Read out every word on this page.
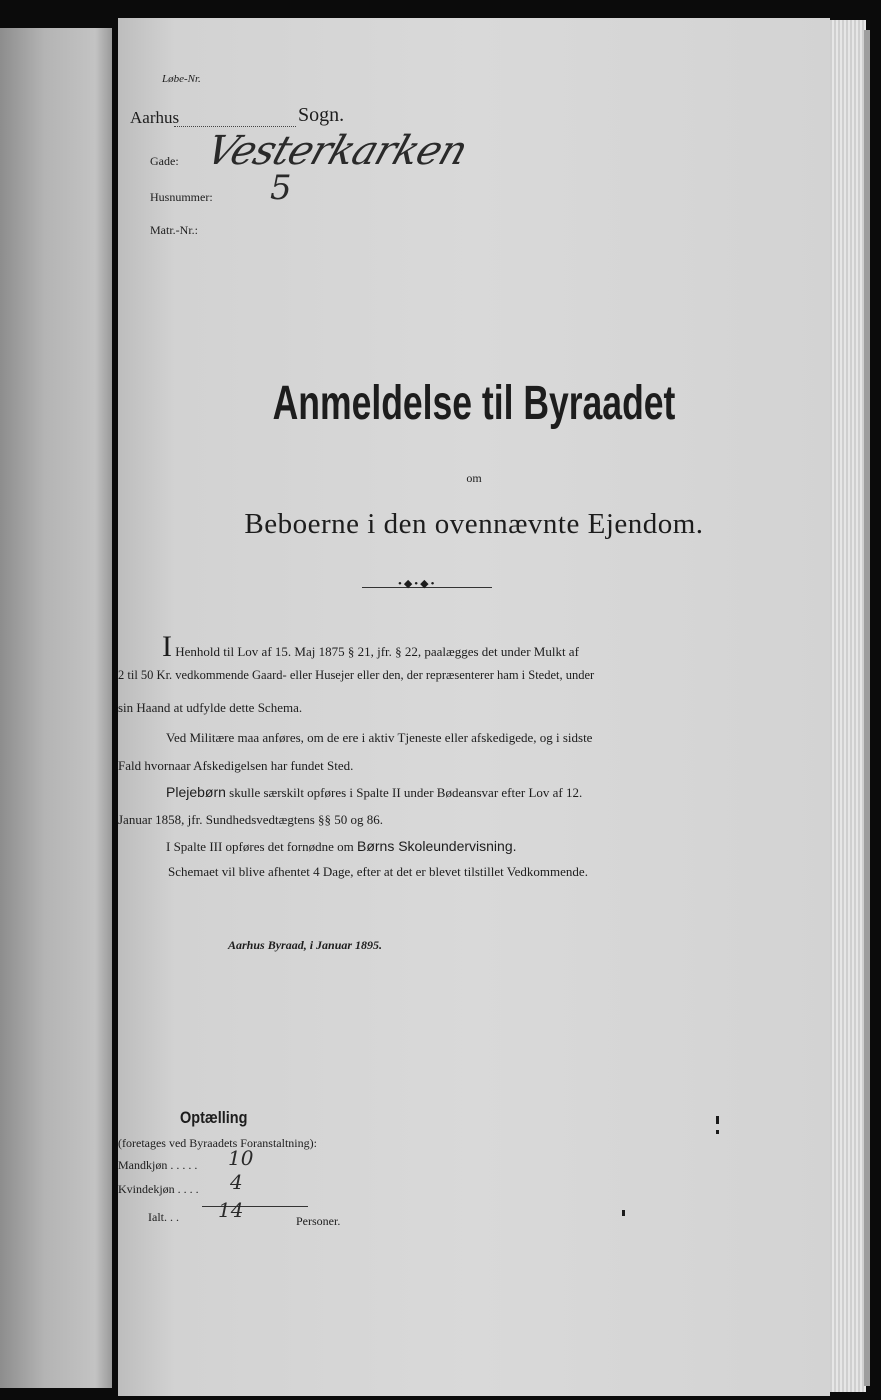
Løbe-Nr.
Aarhus	Sogn.
Vesterkarken
Gade:
5
Husnummer:
Matr.-Nr.:
Anmeldelse til Byraadet
om
Beboerne i den ovennævnte Ejendom.
•◆•◆•
I Henhold til Lov af 15. Maj 1875 § 21, jfr. § 22, paalægges det under Mulkt af
2 til 50 Kr. vedkommende Gaard- eller Husejer eller den, der repræsenterer ham i Stedet, under
sin Haand at udfylde dette Schema.
Ved Militære maa anføres, om de ere i aktiv Tjeneste eller afskedigede, og i sidste
Fald hvornaar Afskedigelsen har fundet Sted.
Plejebørn skulle særskilt opføres i Spalte II under Bødeansvar efter Lov af 12.
Januar 1858, jfr. Sundhedsvedtægtens §§ 50 og 86.
I Spalte III opføres det fornødne om Børns Skoleundervisning.
Schemaet vil blive afhentet 4 Dage, efter at det er blevet tilstillet Vedkommende.
Aarhus Byraad, i Januar 1895.
Optælling
(foretages ved Byraadets Foranstaltning):
Mandkjøn . . . . . 10
Kvindekjøn . . . . 4
Ialt. . . 14	Personer.
